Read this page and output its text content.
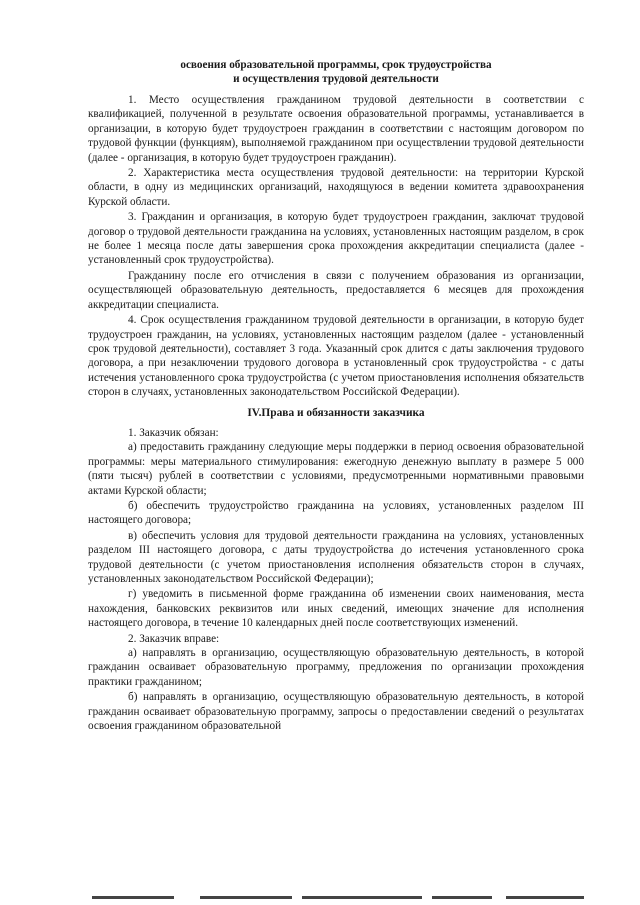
освоения образовательной программы, срок трудоустройства
и осуществления трудовой деятельности

1. Место осуществления гражданином трудовой деятельности в соответствии с квалификацией, полученной в результате освоения образовательной программы, устанавливается в организации, в которую будет трудоустроен гражданин в соответствии с настоящим договором по трудовой функции (функциям), выполняемой гражданином при осуществлении трудовой деятельности (далее - организация, в которую будет трудоустроен гражданин).

2. Характеристика места осуществления трудовой деятельности: на территории Курской области, в одну из медицинских организаций, находящуюся в ведении комитета здравоохранения Курской области.

3. Гражданин и организация, в которую будет трудоустроен гражданин, заключат трудовой договор о трудовой деятельности гражданина на условиях, установленных настоящим разделом, в срок не более 1 месяца после даты завершения срока прохождения аккредитации специалиста (далее - установленный срок трудоустройства).

Гражданину после его отчисления в связи с получением образования из организации, осуществляющей образовательную деятельность, предоставляется 6 месяцев для прохождения аккредитации специалиста.

4. Срок осуществления гражданином трудовой деятельности в организации, в которую будет трудоустроен гражданин, на условиях, установленных настоящим разделом (далее - установленный срок трудовой деятельности), составляет 3 года. Указанный срок длится с даты заключения трудового договора, а при незаключении трудового договора в установленный срок трудоустройства - с даты истечения установленного срока трудоустройства (с учетом приостановления исполнения обязательств сторон в случаях, установленных законодательством Российской Федерации).

IV.Права и обязанности заказчика

1. Заказчик обязан:

а) предоставить гражданину следующие меры поддержки в период освоения образовательной программы: меры материального стимулирования: ежегодную денежную выплату в размере 5 000 (пяти тысяч) рублей в соответствии с условиями, предусмотренными нормативными правовыми актами Курской области;

б) обеспечить трудоустройство гражданина на условиях, установленных разделом III настоящего договора;

в) обеспечить условия для трудовой деятельности гражданина на условиях, установленных разделом III настоящего договора, с даты трудоустройства до истечения установленного срока трудовой деятельности (с учетом приостановления исполнения обязательств сторон в случаях, установленных законодательством Российской Федерации);

г) уведомить в письменной форме гражданина об изменении своих наименования, места нахождения, банковских реквизитов или иных сведений, имеющих значение для исполнения настоящего договора, в течение 10 календарных дней после соответствующих изменений.

2. Заказчик вправе:

а) направлять в организацию, осуществляющую образовательную деятельность, в которой гражданин осваивает образовательную программу, предложения по организации прохождения практики гражданином;

б) направлять в организацию, осуществляющую образовательную деятельность, в которой гражданин осваивает образовательную программу, запросы о предоставлении сведений о результатах освоения гражданином образовательной
